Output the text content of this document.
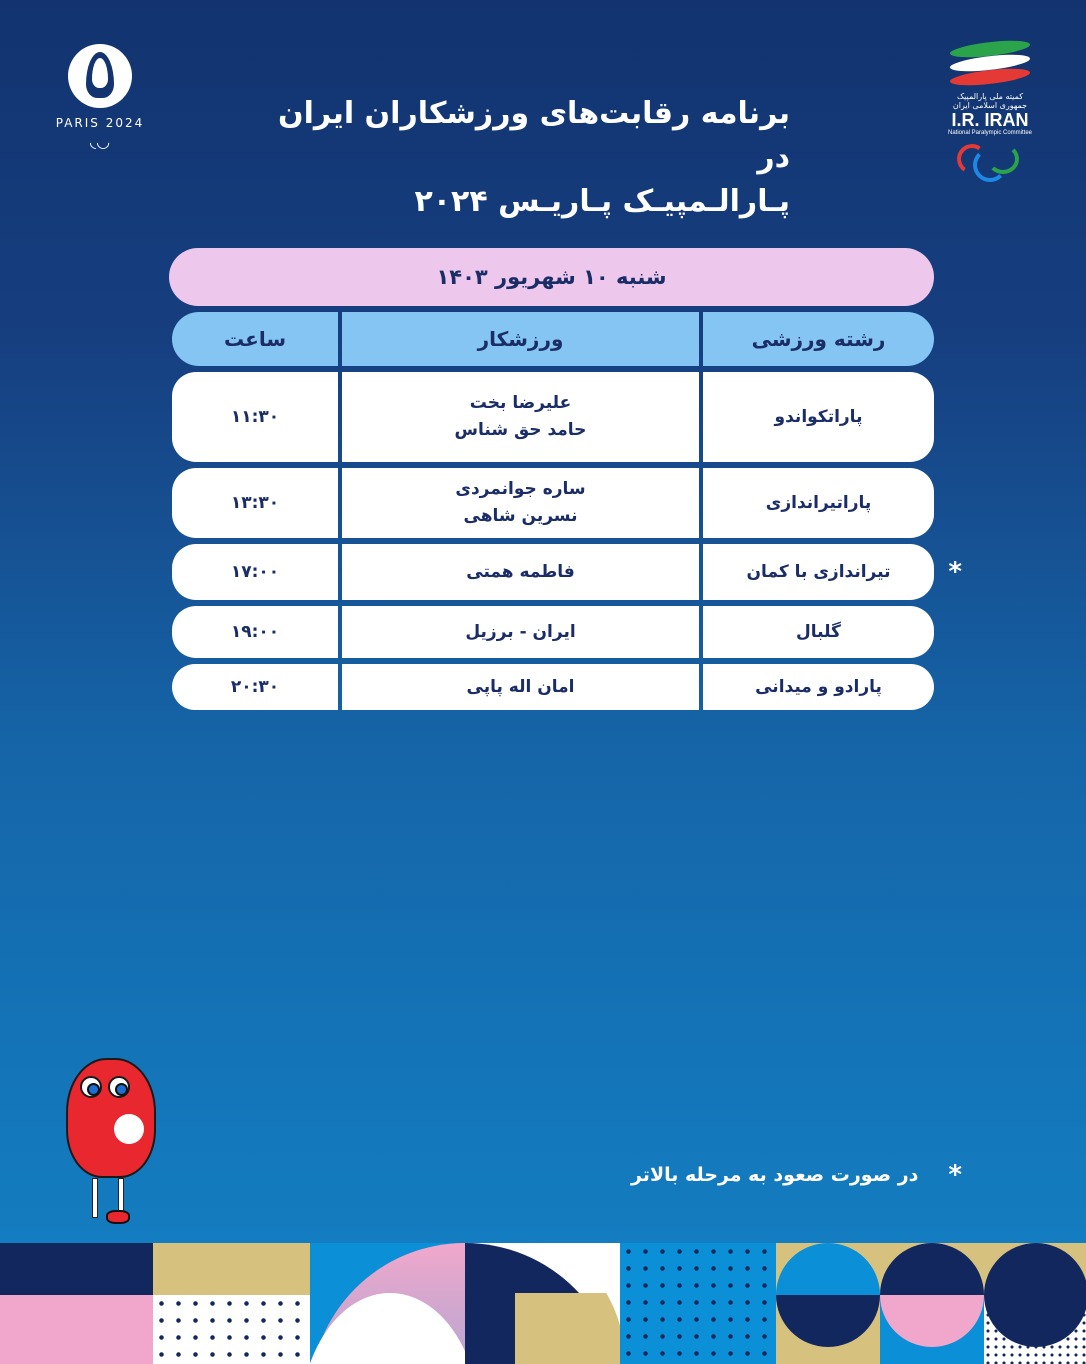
PARIS 2024
◟◡
برنامه رقابت‌های ورزشکاران ایران در
پـارالـمپیـک پـاریـس ۲۰۲۴
کمیته ملی پارالمپیک جمهوری اسلامی ایران
I.R. IRAN
National Paralympic Committee
شنبه ۱۰ شهریور ۱۴۰۳
رشته ورزشی
ورزشکار
ساعت
پاراتکواندو
علیرضا بخت
حامد حق شناس
۱۱:۳۰
پاراتیراندازی
ساره جوانمردی
نسرین شاهی
۱۳:۳۰
*
تیراندازی با کمان
فاطمه همتی
۱۷:۰۰
گلبال
ایران - برزیل
۱۹:۰۰
پارادو و میدانی
امان اله پاپی
۲۰:۳۰
*
در صورت صعود به مرحله بالاتر
